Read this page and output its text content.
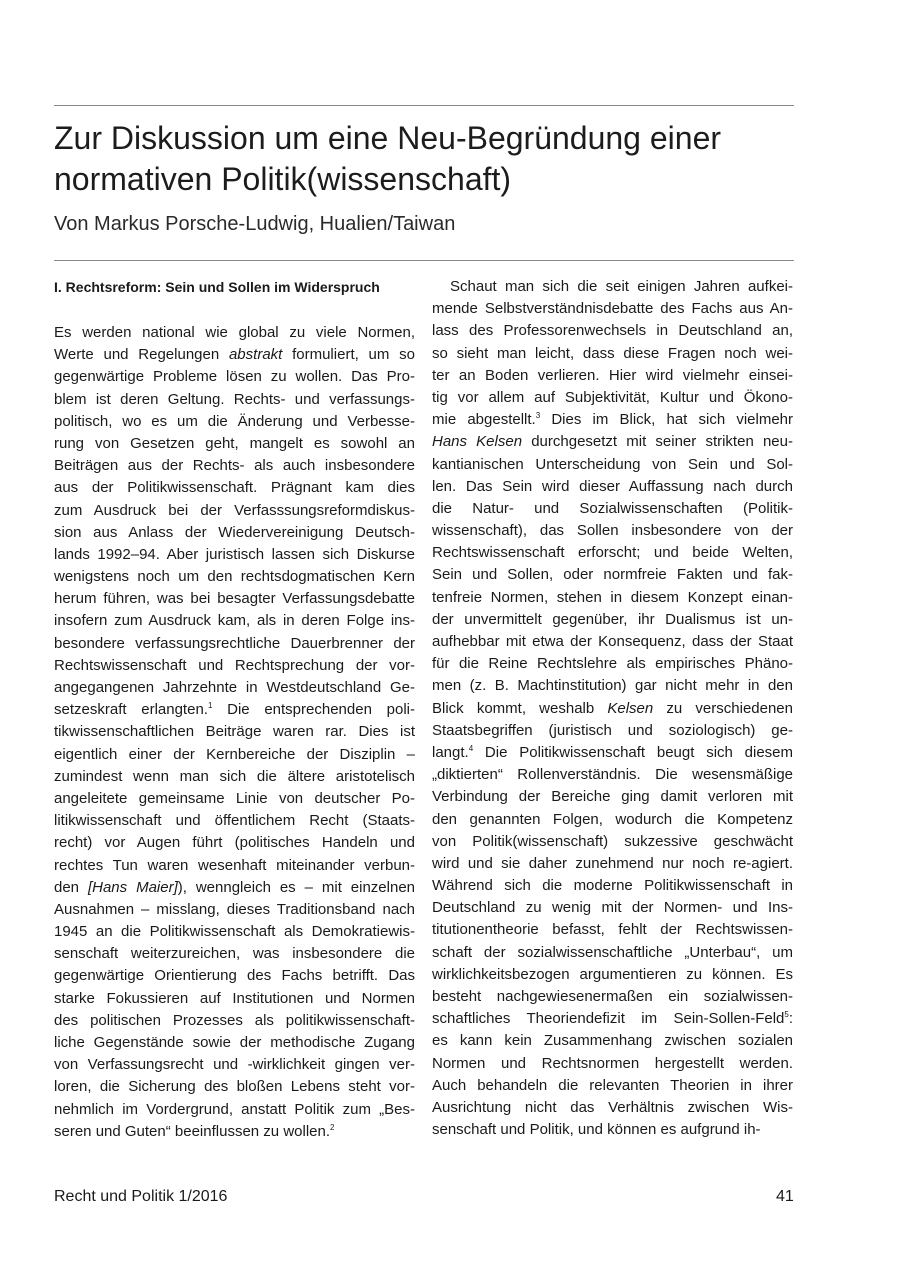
Zur Diskussion um eine Neu-Begründung einer
normativen Politik(wissenschaft)

Von Markus Porsche-Ludwig, Hualien/Taiwan

I. Rechtsreform: Sein und Sollen im Widerspruch

Es werden national wie global zu viele Normen,
Werte und Regelungen abstrakt formuliert, um so
gegenwärtige Probleme lösen zu wollen. Das Pro-
blem ist deren Geltung. Rechts- und verfassungs-
politisch, wo es um die Änderung und Verbesse-
rung von Gesetzen geht, mangelt es sowohl an
Beiträgen aus der Rechts- als auch insbesondere
aus der Politikwissenschaft. Prägnant kam dies
zum Ausdruck bei der Verfasssungsreformdiskus-
sion aus Anlass der Wiedervereinigung Deutsch-
lands 1992–94. Aber juristisch lassen sich Diskurse
wenigstens noch um den rechtsdogmatischen Kern
herum führen, was bei besagter Verfassungsdebatte
insofern zum Ausdruck kam, als in deren Folge ins-
besondere verfassungsrechtliche Dauerbrenner der
Rechtswissenschaft und Rechtsprechung der vor-
angegangenen Jahrzehnte in Westdeutschland Ge-
setzeskraft erlangten.$^1$ Die entsprechenden poli-
tikwissenschaftlichen Beiträge waren rar. Dies ist
eigentlich einer der Kernbereiche der Disziplin –
zumindest wenn man sich die ältere aristotelisch
angeleitete gemeinsame Linie von deutscher Po-
litikwissenschaft und öffentlichem Recht (Staats-
recht) vor Augen führt (politisches Handeln und
rechtes Tun waren wesenhaft miteinander verbun-
den [Hans Maier]), wenngleich es – mit einzelnen
Ausnahmen – misslang, dieses Traditionsband nach
1945 an die Politikwissenschaft als Demokratiewis-
senschaft weiterzureichen, was insbesondere die
gegenwärtige Orientierung des Fachs betrifft. Das
starke Fokussieren auf Institutionen und Normen
des politischen Prozesses als politikwissenschaft-
liche Gegenstände sowie der methodische Zugang
von Verfassungsrecht und -wirklichkeit gingen ver-
loren, die Sicherung des bloßen Lebens steht vor-
nehmlich im Vordergrund, anstatt Politik zum „Bes-
seren und Guten“ beeinflussen zu wollen.$^2$

Schaut man sich die seit einigen Jahren aufkei-
mende Selbstverständnisdebatte des Fachs aus An-
lass des Professorenwechsels in Deutschland an,
so sieht man leicht, dass diese Fragen noch wei-
ter an Boden verlieren. Hier wird vielmehr einsei-
tig vor allem auf Subjektivität, Kultur und Ökono-
mie abgestellt.$^3$ Dies im Blick, hat sich vielmehr
Hans Kelsen durchgesetzt mit seiner strikten neu-
kantianischen Unterscheidung von Sein und Sol-
len. Das Sein wird dieser Auffassung nach durch
die Natur- und Sozialwissenschaften (Politik-
wissenschaft), das Sollen insbesondere von der
Rechtswissenschaft erforscht; und beide Welten,
Sein und Sollen, oder normfreie Fakten und fak-
tenfreie Normen, stehen in diesem Konzept einan-
der unvermittelt gegenüber, ihr Dualismus ist un-
aufhebbar mit etwa der Konsequenz, dass der Staat
für die Reine Rechtslehre als empirisches Phäno-
men (z. B. Machtinstitution) gar nicht mehr in den
Blick kommt, weshalb Kelsen zu verschiedenen
Staatsbegriffen (juristisch und soziologisch) ge-
langt.$^4$ Die Politikwissenschaft beugt sich diesem
„diktierten“ Rollenverständnis. Die wesensmäßige
Verbindung der Bereiche ging damit verloren mit
den genannten Folgen, wodurch die Kompetenz
von Politik(wissenschaft) sukzessive geschwächt
wird und sie daher zunehmend nur noch re-agiert.
Während sich die moderne Politikwissenschaft in
Deutschland zu wenig mit der Normen- und Ins-
titutionentheorie befasst, fehlt der Rechtswissen-
schaft der sozialwissenschaftliche „Unterbau“, um
wirklichkeitsbezogen argumentieren zu können. Es
besteht nachgewiesenermaßen ein sozialwissen-
schaftliches Theoriendefizit im Sein-Sollen-Feld$^5$:
es kann kein Zusammenhang zwischen sozialen
Normen und Rechtsnormen hergestellt werden.
Auch behandeln die relevanten Theorien in ihrer
Ausrichtung nicht das Verhältnis zwischen Wis-
senschaft und Politik, und können es aufgrund ih-

Recht und Politik 1/2016	41
